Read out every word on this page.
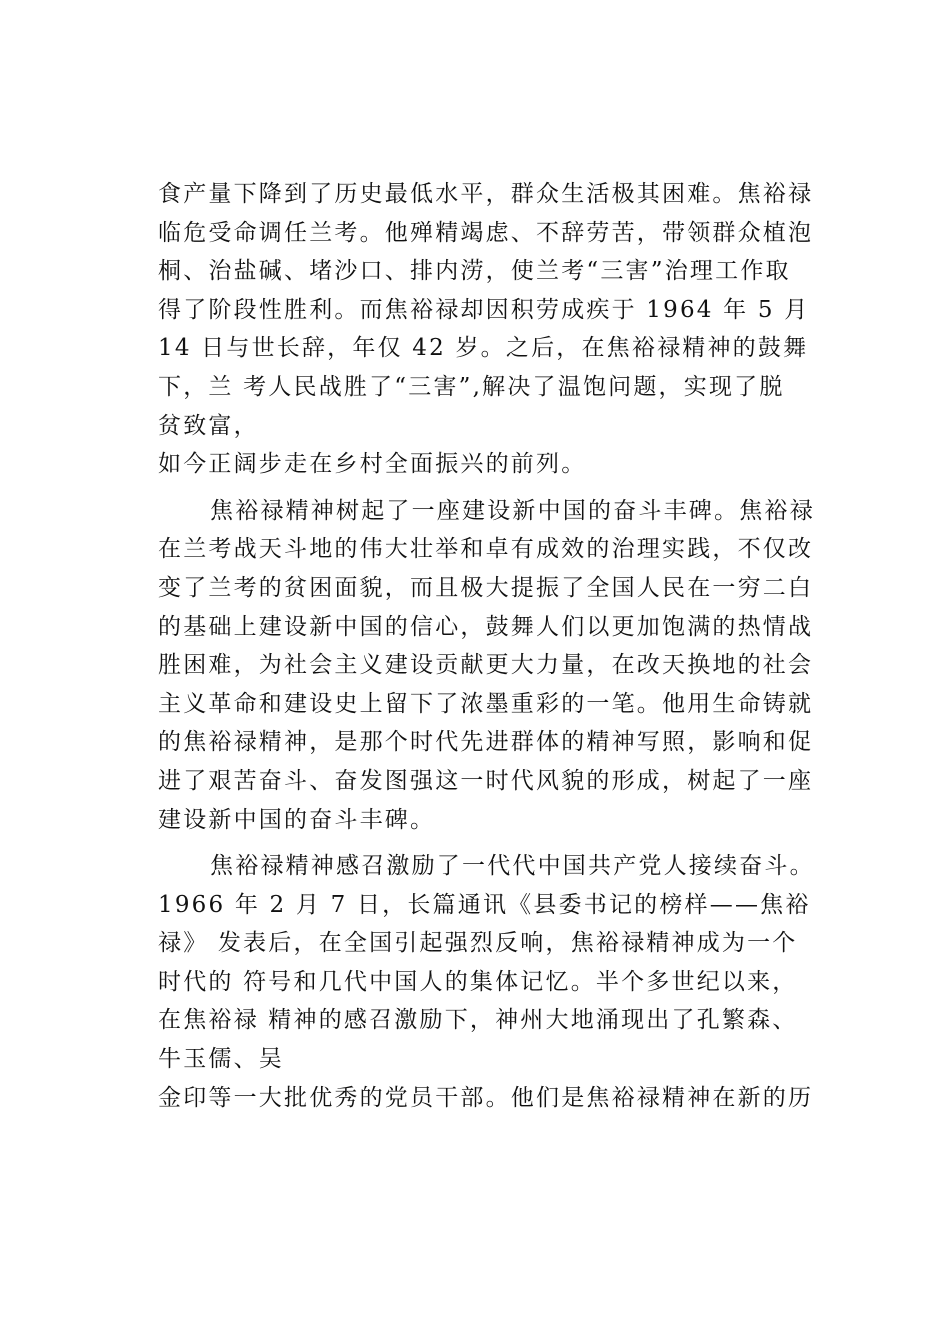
食产量下降到了历史最低水平，群众生活极其困难。焦裕禄
临危受命调任兰考。他殚精竭虑、不辞劳苦，带领群众植泡
桐、治盐碱、堵沙口、排内涝，使兰考“三害”治理工作取
得了阶段性胜利。而焦裕禄却因积劳成疾于 1964 年 5 月
14 日与世长辞，年仅 42 岁。之后，在焦裕禄精神的鼓舞
下，兰 考人民战胜了“三害”,解决了温饱问题，实现了脱
贫致富，
如今正阔步走在乡村全面振兴的前列。
焦裕禄精神树起了一座建设新中国的奋斗丰碑。焦裕禄
在兰考战天斗地的伟大壮举和卓有成效的治理实践，不仅改
变了兰考的贫困面貌，而且极大提振了全国人民在一穷二白
的基础上建设新中国的信心，鼓舞人们以更加饱满的热情战
胜困难，为社会主义建设贡献更大力量，在改天换地的社会
主义革命和建设史上留下了浓墨重彩的一笔。他用生命铸就
的焦裕禄精神，是那个时代先进群体的精神写照，影响和促
进了艰苦奋斗、奋发图强这一时代风貌的形成，树起了一座
建设新中国的奋斗丰碑。
焦裕禄精神感召激励了一代代中国共产党人接续奋斗。
1966 年 2 月 7 日，长篇通讯《县委书记的榜样——焦裕
禄》 发表后，在全国引起强烈反响，焦裕禄精神成为一个
时代的 符号和几代中国人的集体记忆。半个多世纪以来，
在焦裕禄 精神的感召激励下，神州大地涌现出了孔繁森、
牛玉儒、吴
金印等一大批优秀的党员干部。他们是焦裕禄精神在新的历
